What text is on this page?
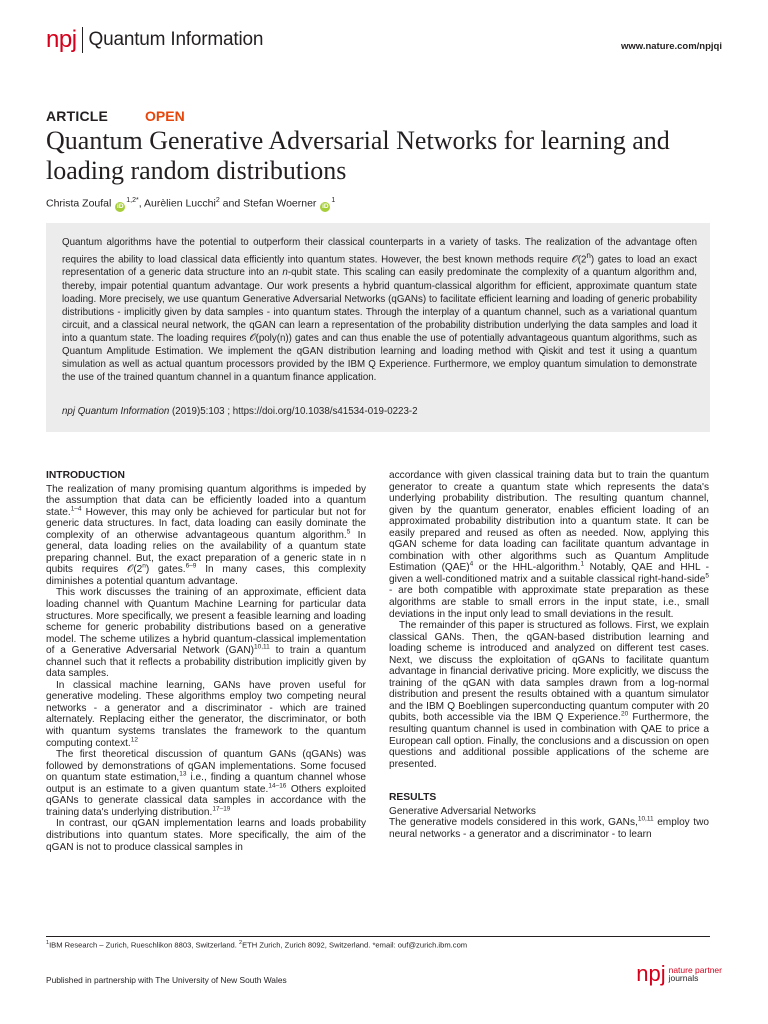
npj Quantum Information	www.nature.com/npjqi
ARTICLE	OPEN
Quantum Generative Adversarial Networks for learning and loading random distributions
Christa Zoufal $iD^{1,2*}$, Aurèlien Lucchi$^2$ and Stefan Woerner $iD^1$

Quantum algorithms have the potential to outperform their classical counterparts in a variety of tasks. The realization of the advantage often requires the ability to load classical data efficiently into quantum states. However, the best known methods require 𝒪(2$^n$) gates to load an exact representation of a generic data structure into an n-qubit state. This scaling can easily predominate the complexity of a quantum algorithm and, thereby, impair potential quantum advantage. Our work presents a hybrid quantum-classical algorithm for efficient, approximate quantum state loading. More precisely, we use quantum Generative Adversarial Networks (qGANs) to facilitate efficient learning and loading of generic probability distributions - implicitly given by data samples - into quantum states. Through the interplay of a quantum channel, such as a variational quantum circuit, and a classical neural network, the qGAN can learn a representation of the probability distribution underlying the data samples and load it into a quantum state. The loading requires 𝒪(poly(n)) gates and can thus enable the use of potentially advantageous quantum algorithms, such as Quantum Amplitude Estimation. We implement the qGAN distribution learning and loading method with Qiskit and test it using a quantum simulation as well as actual quantum processors provided by the IBM Q Experience. Furthermore, we employ quantum simulation to demonstrate the use of the trained quantum channel in a quantum finance application.

npj Quantum Information (2019)5:103 ; https://doi.org/10.1038/s41534-019-0223-2
INTRODUCTION

The realization of many promising quantum algorithms is impeded by the assumption that data can be efficiently loaded into a quantum state.$^{1-4}$ However, this may only be achieved for particular but not for generic data structures. In fact, data loading can easily dominate the complexity of an otherwise advantageous quantum algorithm.$^5$ In general, data loading relies on the availability of a quantum state preparing channel. But, the exact preparation of a generic state in n qubits requires 𝒪(2$^n$) gates.$^{6-9}$ In many cases, this complexity diminishes a potential quantum advantage.

This work discusses the training of an approximate, efficient data loading channel with Quantum Machine Learning for particular data structures. More specifically, we present a feasible learning and loading scheme for generic probability distributions based on a generative model. The scheme utilizes a hybrid quantum-classical implementation of a Generative Adversarial Network (GAN)$^{10,11}$ to train a quantum channel such that it reflects a probability distribution implicitly given by data samples.

In classical machine learning, GANs have proven useful for generative modeling. These algorithms employ two competing neural networks - a generator and a discriminator - which are trained alternately. Replacing either the generator, the discriminator, or both with quantum systems translates the framework to the quantum computing context.$^{12}$

The first theoretical discussion of quantum GANs (qGANs) was followed by demonstrations of qGAN implementations. Some focused on quantum state estimation,$^{13}$ i.e., finding a quantum channel whose output is an estimate to a given quantum state.$^{14-16}$ Others exploited qGANs to generate classical data samples in accordance with the training data's underlying distribution.$^{17-19}$

In contrast, our qGAN implementation learns and loads probability distributions into quantum states. More specifically, the aim of the qGAN is not to produce classical samples in

accordance with given classical training data but to train the quantum generator to create a quantum state which represents the data's underlying probability distribution. The resulting quantum channel, given by the quantum generator, enables efficient loading of an approximated probability distribution into a quantum state. It can be easily prepared and reused as often as needed. Now, applying this qGAN scheme for data loading can facilitate quantum advantage in combination with other algorithms such as Quantum Amplitude Estimation (QAE)$^4$ or the HHL-algorithm.$^1$ Notably, QAE and HHL - given a well-conditioned matrix and a suitable classical right-hand-side$^5$ - are both compatible with approximate state preparation as these algorithms are stable to small errors in the input state, i.e., small deviations in the input only lead to small deviations in the result.

The remainder of this paper is structured as follows. First, we explain classical GANs. Then, the qGAN-based distribution learning and loading scheme is introduced and analyzed on different test cases. Next, we discuss the exploitation of qGANs to facilitate quantum advantage in financial derivative pricing. More explicitly, we discuss the training of the qGAN with data samples drawn from a log-normal distribution and present the results obtained with a quantum simulator and the IBM Q Boeblingen superconducting quantum computer with 20 qubits, both accessible via the IBM Q Experience.$^{20}$ Furthermore, the resulting quantum channel is used in combination with QAE to price a European call option. Finally, the conclusions and a discussion on open questions and additional possible applications of the scheme are presented.

RESULTS
Generative Adversarial Networks

The generative models considered in this work, GANs,$^{10,11}$ employ two neural networks - a generator and a discriminator - to learn

$^1$IBM Research – Zurich, Rueschlikon 8803, Switzerland. $^2$ETH Zurich, Zurich 8092, Switzerland. *email: ouf@zurich.ibm.com
Published in partnership with The University of New South Wales	npj nature partner
journals
